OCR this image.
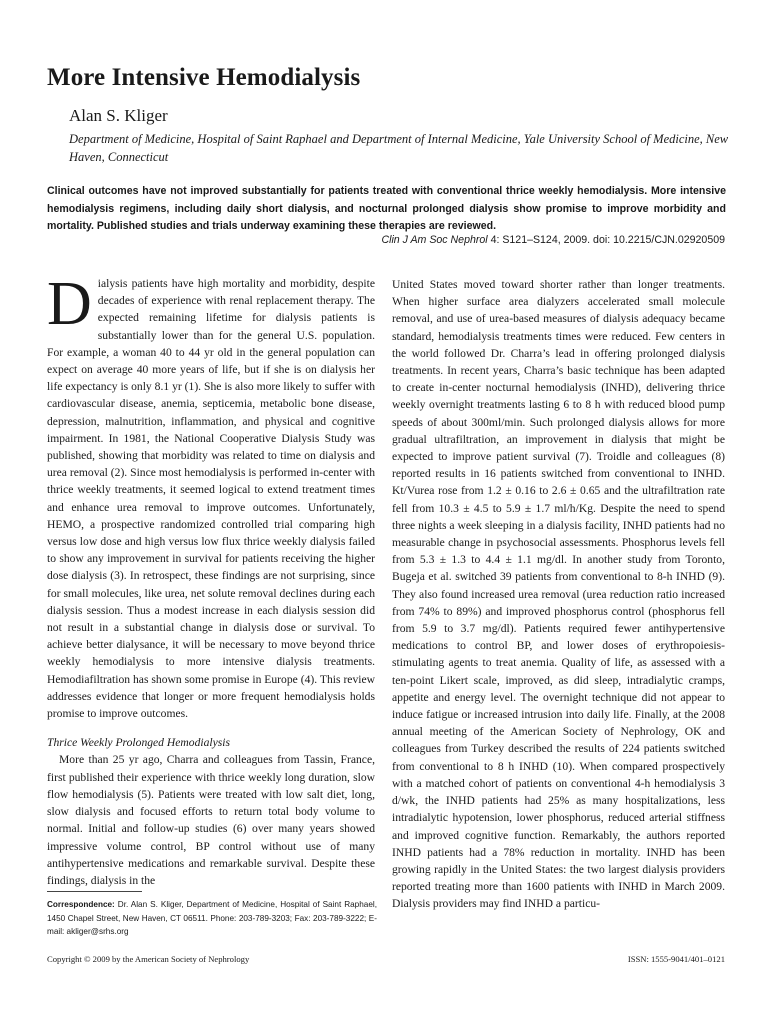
More Intensive Hemodialysis
Alan S. Kliger
Department of Medicine, Hospital of Saint Raphael and Department of Internal Medicine, Yale University School of Medicine, New Haven, Connecticut
Clinical outcomes have not improved substantially for patients treated with conventional thrice weekly hemodialysis. More intensive hemodialysis regimens, including daily short dialysis, and nocturnal prolonged dialysis show promise to improve morbidity and mortality. Published studies and trials underway examining these therapies are reviewed.
Clin J Am Soc Nephrol 4: S121–S124, 2009. doi: 10.2215/CJN.02920509

Dialysis patients have high mortality and morbidity, despite decades of experience with renal replacement therapy. The expected remaining lifetime for dialysis patients is substantially lower than for the general U.S. population. For example, a woman 40 to 44 yr old in the general population can expect on average 40 more years of life, but if she is on dialysis her life expectancy is only 8.1 yr (1). She is also more likely to suffer with cardiovascular disease, anemia, septicemia, metabolic bone disease, depression, malnutrition, inflammation, and physical and cognitive impairment. In 1981, the National Cooperative Dialysis Study was published, showing that morbidity was related to time on dialysis and urea removal (2). Since most hemodialysis is performed in-center with thrice weekly treatments, it seemed logical to extend treatment times and enhance urea removal to improve outcomes. Unfortunately, HEMO, a prospective randomized controlled trial comparing high versus low dose and high versus low flux thrice weekly dialysis failed to show any improvement in survival for patients receiving the higher dose dialysis (3). In retrospect, these findings are not surprising, since for small molecules, like urea, net solute removal declines during each dialysis session. Thus a modest increase in each dialysis session did not result in a substantial change in dialysis dose or survival. To achieve better dialysance, it will be necessary to move beyond thrice weekly hemodialysis to more intensive dialysis treatments. Hemodiafiltration has shown some promise in Europe (4). This review addresses evidence that longer or more frequent hemodialysis holds promise to improve outcomes.

Thrice Weekly Prolonged Hemodialysis

More than 25 yr ago, Charra and colleagues from Tassin, France, first published their experience with thrice weekly long duration, slow flow hemodialysis (5). Patients were treated with low salt diet, long, slow dialysis and focused efforts to return total body volume to normal. Initial and follow-up studies (6) over many years showed impressive volume control, BP control without use of many antihypertensive medications and remarkable survival. Despite these findings, dialysis in the

United States moved toward shorter rather than longer treatments. When higher surface area dialyzers accelerated small molecule removal, and use of urea-based measures of dialysis adequacy became standard, hemodialysis treatments times were reduced. Few centers in the world followed Dr. Charra’s lead in offering prolonged dialysis treatments. In recent years, Charra’s basic technique has been adapted to create in-center nocturnal hemodialysis (INHD), delivering thrice weekly overnight treatments lasting 6 to 8 h with reduced blood pump speeds of about 300ml/min. Such prolonged dialysis allows for more gradual ultrafiltration, an improvement in dialysis that might be expected to improve patient survival (7). Troidle and colleagues (8) reported results in 16 patients switched from conventional to INHD. Kt/Vurea rose from 1.2 ± 0.16 to 2.6 ± 0.65 and the ultrafiltration rate fell from 10.3 ± 4.5 to 5.9 ± 1.7 ml/h/Kg. Despite the need to spend three nights a week sleeping in a dialysis facility, INHD patients had no measurable change in psychosocial assessments. Phosphorus levels fell from 5.3 ± 1.3 to 4.4 ± 1.1 mg/dl. In another study from Toronto, Bugeja et al. switched 39 patients from conventional to 8-h INHD (9). They also found increased urea removal (urea reduction ratio increased from 74% to 89%) and improved phosphorus control (phosphorus fell from 5.9 to 3.7 mg/dl). Patients required fewer antihypertensive medications to control BP, and lower doses of erythropoiesis- stimulating agents to treat anemia. Quality of life, as assessed with a ten-point Likert scale, improved, as did sleep, intradialytic cramps, appetite and energy level. The overnight technique did not appear to induce fatigue or increased intrusion into daily life. Finally, at the 2008 annual meeting of the American Society of Nephrology, OK and colleagues from Turkey described the results of 224 patients switched from conventional to 8 h INHD (10). When compared prospectively with a matched cohort of patients on conventional 4-h hemodialysis 3 d/wk, the INHD patients had 25% as many hospitalizations, less intradialytic hypotension, lower phosphorus, reduced arterial stiffness and improved cognitive function. Remarkably, the authors reported INHD patients had a 78% reduction in mortality. INHD has been growing rapidly in the United States: the two largest dialysis providers reported treating more than 1600 patients with INHD in March 2009. Dialysis providers may find INHD a particu-

Correspondence: Dr. Alan S. Kliger, Department of Medicine, Hospital of Saint Raphael, 1450 Chapel Street, New Haven, CT 06511. Phone: 203-789-3203; Fax: 203-789-3222; E-mail: akliger@srhs.org
Copyright © 2009 by the American Society of Nephrology	ISSN: 1555-9041/401–0121
